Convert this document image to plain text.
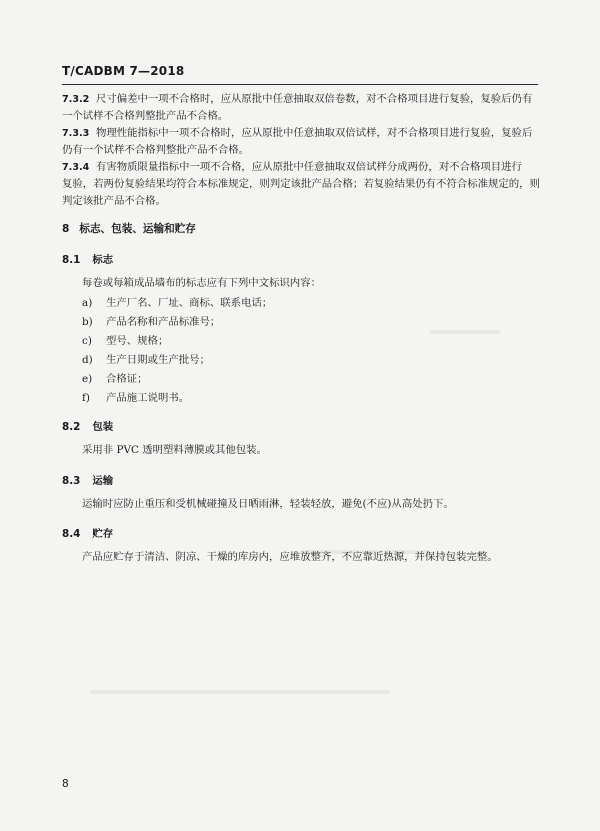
T/CADBM 7—2018
7.3.2 尺寸偏差中一项不合格时，应从原批中任意抽取双倍卷数，对不合格项目进行复验，复验后仍有
一个试样不合格判整批产品不合格。
7.3.3 物理性能指标中一项不合格时，应从原批中任意抽取双倍试样，对不合格项目进行复验，复验后
仍有一个试样不合格判整批产品不合格。
7.3.4 有害物质限量指标中一项不合格，应从原批中任意抽取双倍试样分成两份，对不合格项目进行
复验，若两份复验结果均符合本标准规定，则判定该批产品合格；若复验结果仍有不符合标准规定的，则
判定该批产品不合格。
8 标志、包装、运输和贮存
8.1 标志
每卷或每箱成品墙布的标志应有下列中文标识内容：
a) 生产厂名、厂址、商标、联系电话；
b) 产品名称和产品标准号；
c) 型号、规格；
d) 生产日期或生产批号；
e) 合格证；
f) 产品施工说明书。
8.2 包装
采用非 PVC 透明塑料薄膜或其他包装。
8.3 运输
运输时应防止重压和受机械碰撞及日晒雨淋，轻装轻放，避免(不应)从高处扔下。
8.4 贮存
产品应贮存于清洁、阴凉、干燥的库房内，应堆放整齐，不应靠近热源，并保持包装完整。
8
